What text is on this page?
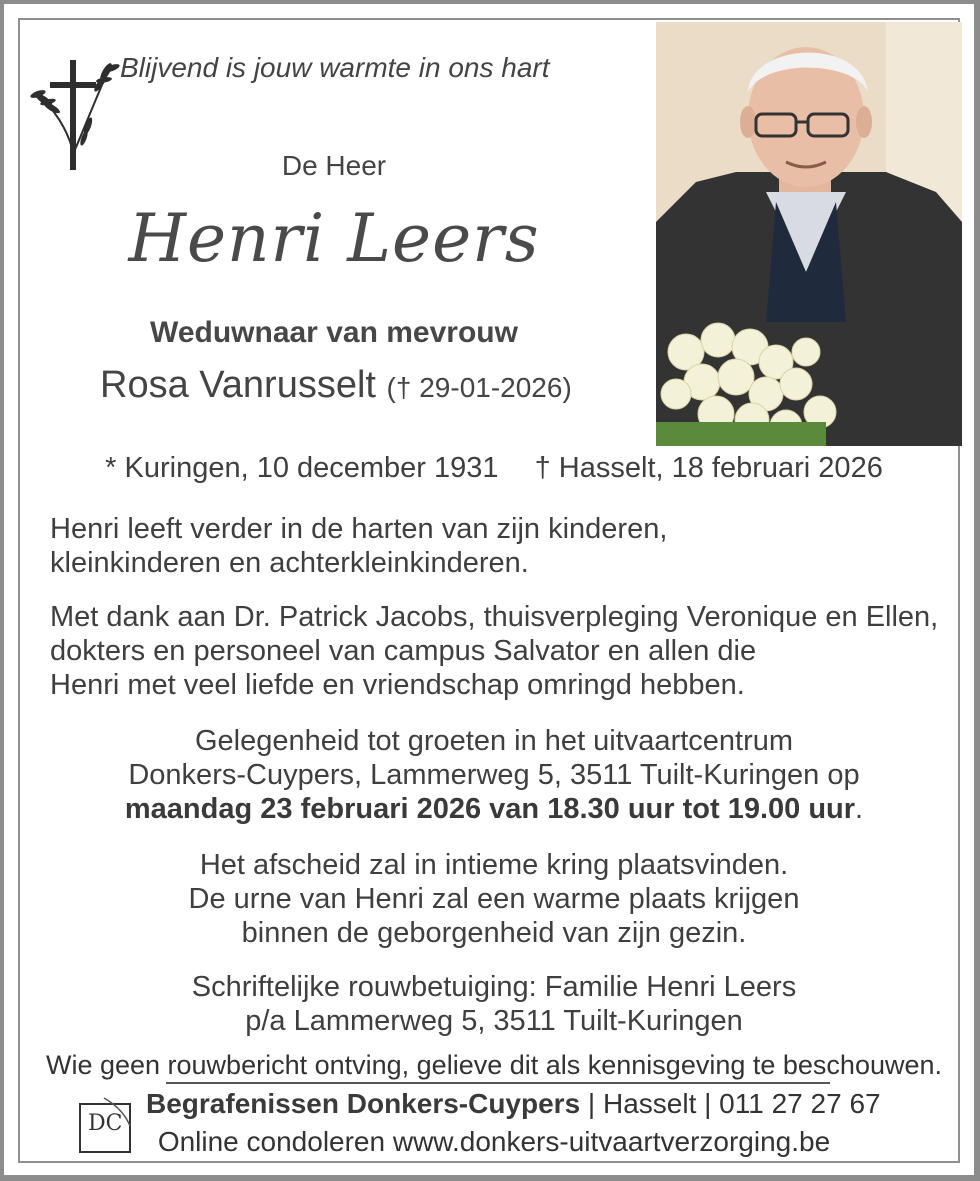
Blijvend is jouw warmte in ons hart
De Heer
Henri Leers
Weduwnaar van mevrouw
Rosa Vanrusselt († 29-01-2026)
* Kuringen, 10 december 1931 † Hasselt, 18 februari 2026
Henri leeft verder in de harten van zijn kinderen,
kleinkinderen en achterkleinkinderen.
Met dank aan Dr. Patrick Jacobs, thuisverpleging Veronique en Ellen,
dokters en personeel van campus Salvator en allen die
Henri met veel liefde en vriendschap omringd hebben.
Gelegenheid tot groeten in het uitvaartcentrum
Donkers-Cuypers, Lammerweg 5, 3511 Tuilt-Kuringen op
maandag 23 februari 2026 van 18.30 uur tot 19.00 uur.
Het afscheid zal in intieme kring plaatsvinden.
De urne van Henri zal een warme plaats krijgen
binnen de geborgenheid van zijn gezin.
Schriftelijke rouwbetuiging: Familie Henri Leers
p/a Lammerweg 5, 3511 Tuilt-Kuringen
Wie geen rouwbericht ontving, gelieve dit als kennisgeving te beschouwen.
DC
Begrafenissen Donkers-Cuypers | Hasselt | 011 27 27 67
Online condoleren www.donkers-uitvaartverzorging.be
